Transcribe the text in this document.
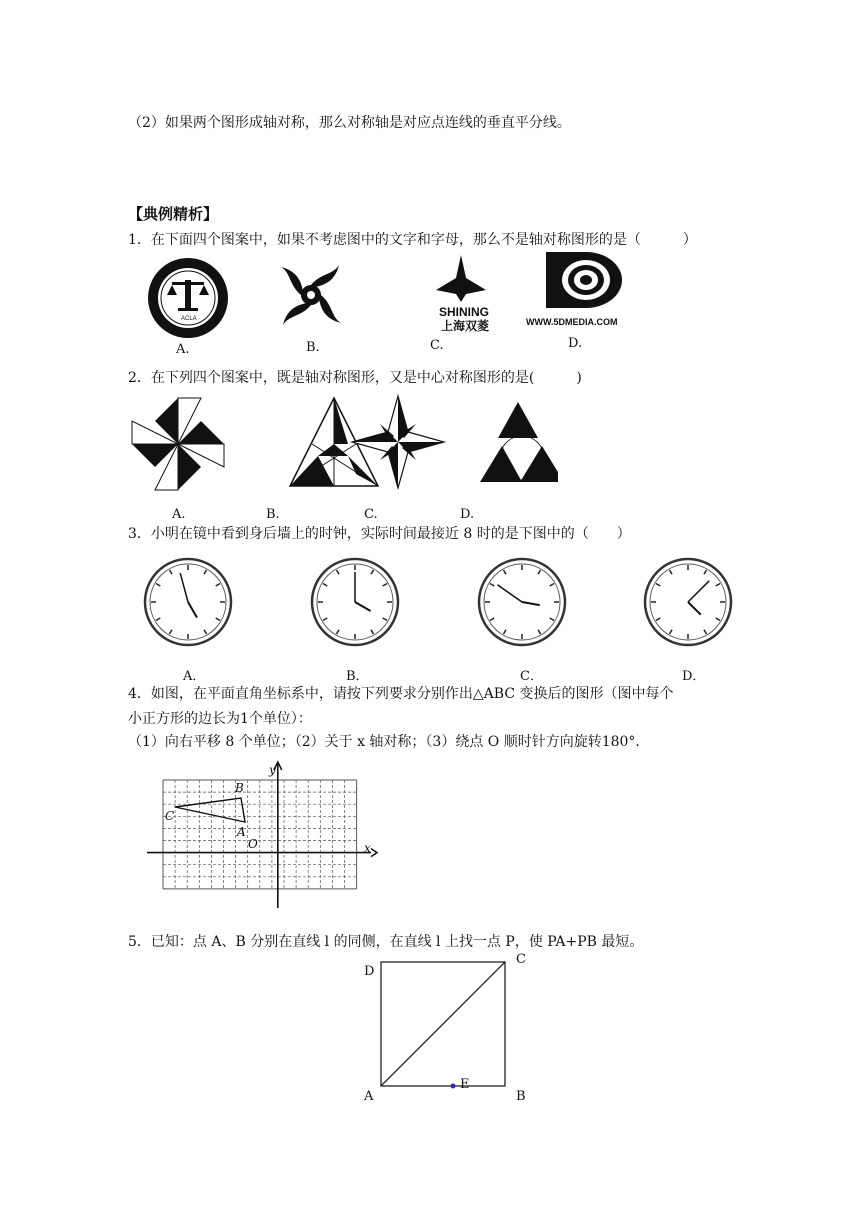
（2）如果两个图形成轴对称，那么对称轴是对应点连线的垂直平分线。
【典例精析】
1．在下面四个图案中，如果不考虑图中的文字和字母，那么不是轴对称图形的是（　　　）
ACLA	SHINING
上海双菱	WWW.5DMEDIA.COM
A.	B.	C.	D.
2．在下列四个图案中，既是轴对称图形，又是中心对称图形的是(　　　)
A.	B.	C.	D.
3．小明在镜中看到身后墙上的时钟，实际时间最接近 8 时的是下图中的（　　）
A．	B．	C．	D．
4．如图，在平面直角坐标系中，请按下列要求分别作出△ABC 变换后的图形（图中每个
小正方形的边长为1个单位）：
（1）向右平移 8 个单位；（2）关于 x 轴对称；（3）绕点 O 顺时针方向旋转180°．
x
y
O
A
B
C
5．已知：点 A、B 分别在直线 l 的同侧，在直线 l 上找一点 P，使 PA+PB 最短。
D
C
A	B
E
